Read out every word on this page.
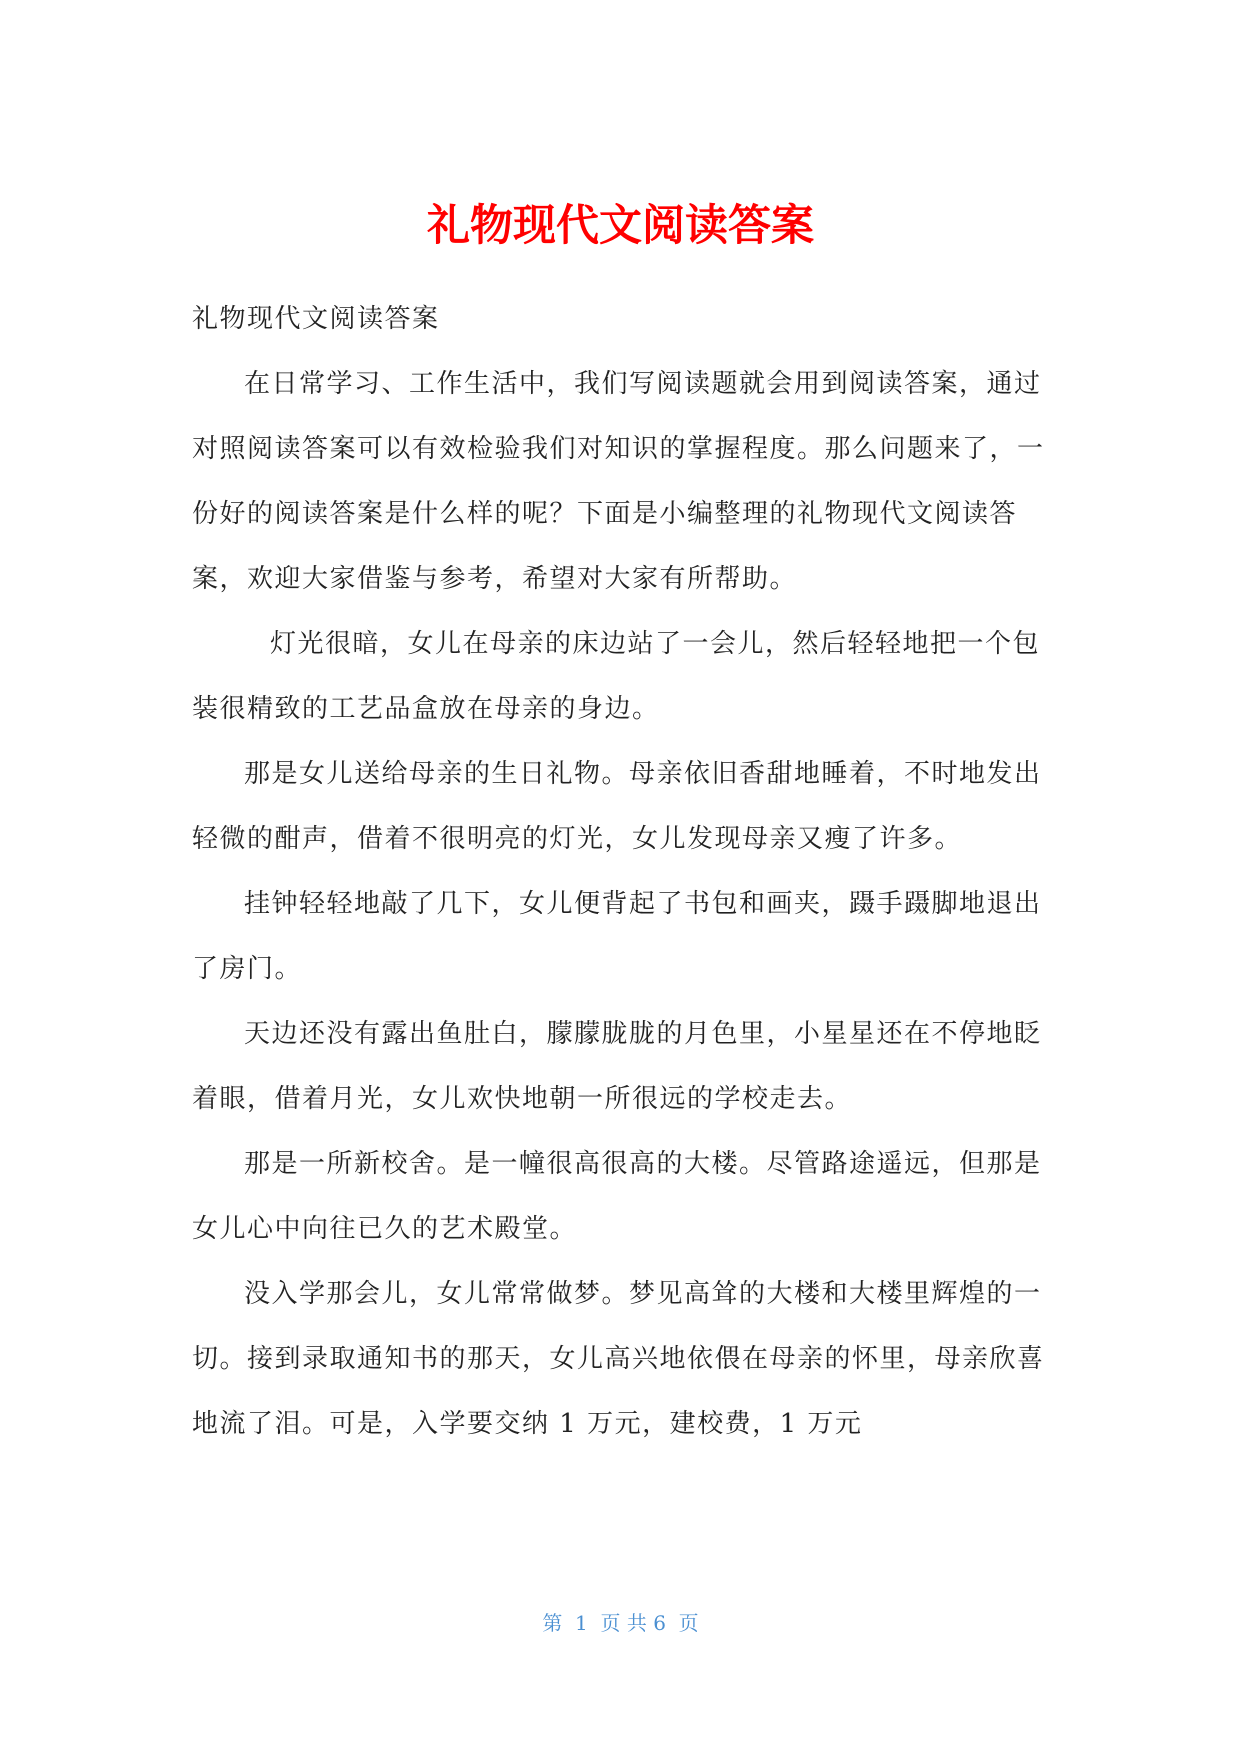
礼物现代文阅读答案

礼物现代文阅读答案

在日常学习、工作生活中，我们写阅读题就会用到阅读答案，通过对照阅读答案可以有效检验我们对知识的掌握程度。那么问题来了，一份好的阅读答案是什么样的呢？下面是小编整理的礼物现代文阅读答案，欢迎大家借鉴与参考，希望对大家有所帮助。

灯光很暗，女儿在母亲的床边站了一会儿，然后轻轻地把一个包装很精致的工艺品盒放在母亲的身边。

那是女儿送给母亲的生日礼物。母亲依旧香甜地睡着，不时地发出轻微的酣声，借着不很明亮的灯光，女儿发现母亲又瘦了许多。

挂钟轻轻地敲了几下，女儿便背起了书包和画夹，蹑手蹑脚地退出了房门。

天边还没有露出鱼肚白，朦朦胧胧的月色里，小星星还在不停地眨着眼，借着月光，女儿欢快地朝一所很远的学校走去。

那是一所新校舍。是一幢很高很高的大楼。尽管路途遥远，但那是女儿心中向往已久的艺术殿堂。

没入学那会儿，女儿常常做梦。梦见高耸的大楼和大楼里辉煌的一切。接到录取通知书的那天，女儿高兴地依偎在母亲的怀里，母亲欣喜地流了泪。可是，入学要交纳 1 万元，建校费，1 万元

第  1  页 共 6  页
